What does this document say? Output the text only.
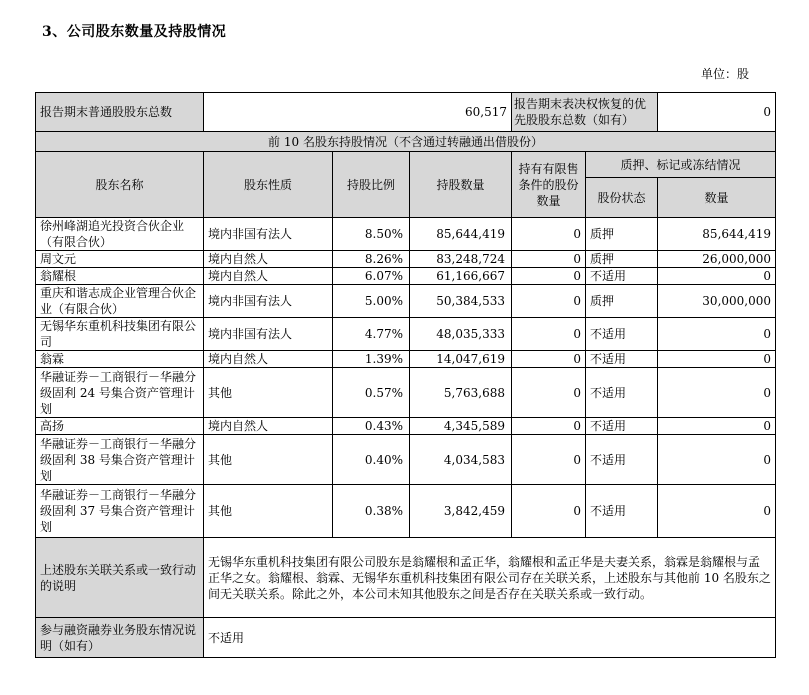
3、公司股东数量及持股情况
单位：股
报告期末普通股股东总数	60,517			报告期末表决权恢复的优先股股东总数（如有）		0
前 10 名股东持股情况（不含通过转融通出借股份）						
股东名称	股东性质	持股比例	持股数量	持有有限售条件的股份数量	质押、标记或冻结情况	
					股份状态	数量
徐州峰湖追光投资合伙企业（有限合伙）	境内非国有法人	8.50%	85,644,419	0	质押	85,644,419
周文元	境内自然人	8.26%	83,248,724	0	质押	26,000,000
翁耀根	境内自然人	6.07%	61,166,667	0	不适用	0
重庆和谐志成企业管理合伙企业（有限合伙）	境内非国有法人	5.00%	50,384,533	0	质押	30,000,000
无锡华东重机科技集团有限公司	境内非国有法人	4.77%	48,035,333	0	不适用	0
翁霖	境内自然人	1.39%	14,047,619	0	不适用	0
华融证券－工商银行－华融分级固利 24 号集合资产管理计划	其他	0.57%	5,763,688	0	不适用	0
高扬	境内自然人	0.43%	4,345,589	0	不适用	0
华融证券－工商银行－华融分级固利 38 号集合资产管理计划	其他	0.40%	4,034,583	0	不适用	0
华融证券－工商银行－华融分级固利 37 号集合资产管理计划	其他	0.38%	3,842,459	0	不适用	0
上述股东关联关系或一致行动的说明	无锡华东重机科技集团有限公司股东是翁耀根和孟正华，翁耀根和孟正华是夫妻关系，翁霖是翁耀根与孟正华之女。翁耀根、翁霖、无锡华东重机科技集团有限公司存在关联关系，上述股东与其他前 10 名股东之间无关联关系。除此之外，本公司未知其他股东之间是否存在关联关系或一致行动。					
参与融资融券业务股东情况说明（如有）	不适用					
